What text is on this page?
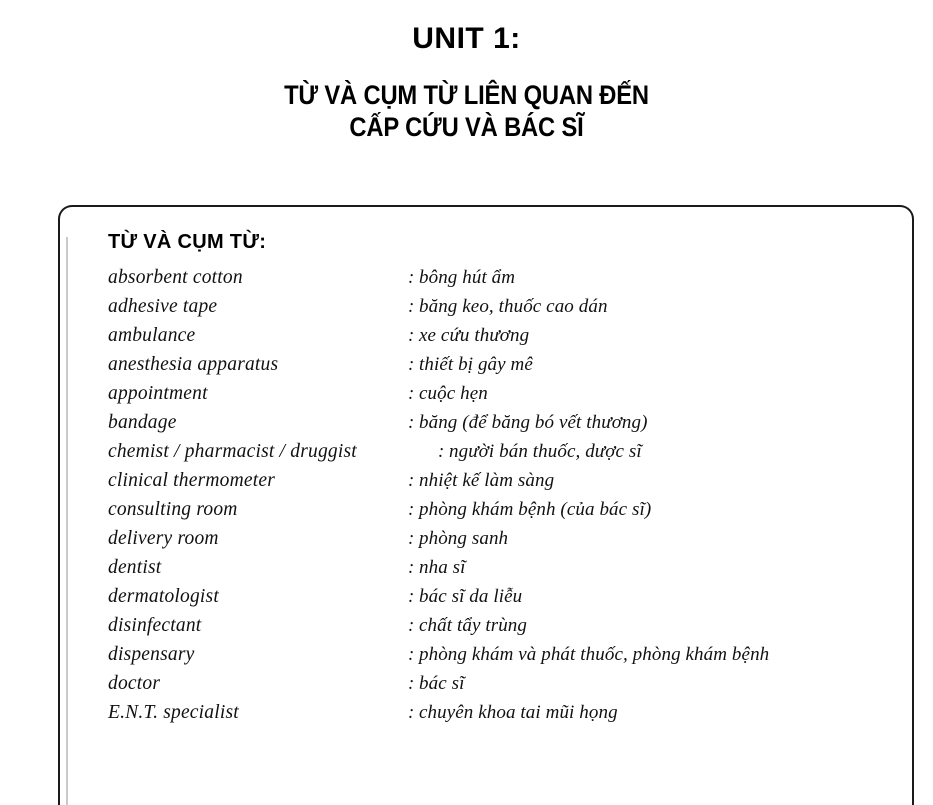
UNIT 1:
TỪ VÀ CỤM TỪ LIÊN QUAN ĐẾN
CẤP CỨU VÀ BÁC SĨ
TỪ VÀ CỤM TỪ:
absorbent cotton	: bông hút ẩm
adhesive tape	: băng keo, thuốc cao dán
ambulance	: xe cứu thương
anesthesia apparatus	: thiết bị gây mê
appointment	: cuộc hẹn
bandage	: băng (để băng bó vết thương)
chemist / pharmacist / druggist	: người bán thuốc, dược sĩ
clinical thermometer	: nhiệt kế làm sàng
consulting room	: phòng khám bệnh (của bác sĩ)
delivery room	: phòng sanh
dentist	: nha sĩ
dermatologist	: bác sĩ da liễu
disinfectant	: chất tẩy trùng
dispensary	: phòng khám và phát thuốc, phòng khám bệnh
doctor	: bác sĩ
E.N.T. specialist	: chuyên khoa tai mũi họng
